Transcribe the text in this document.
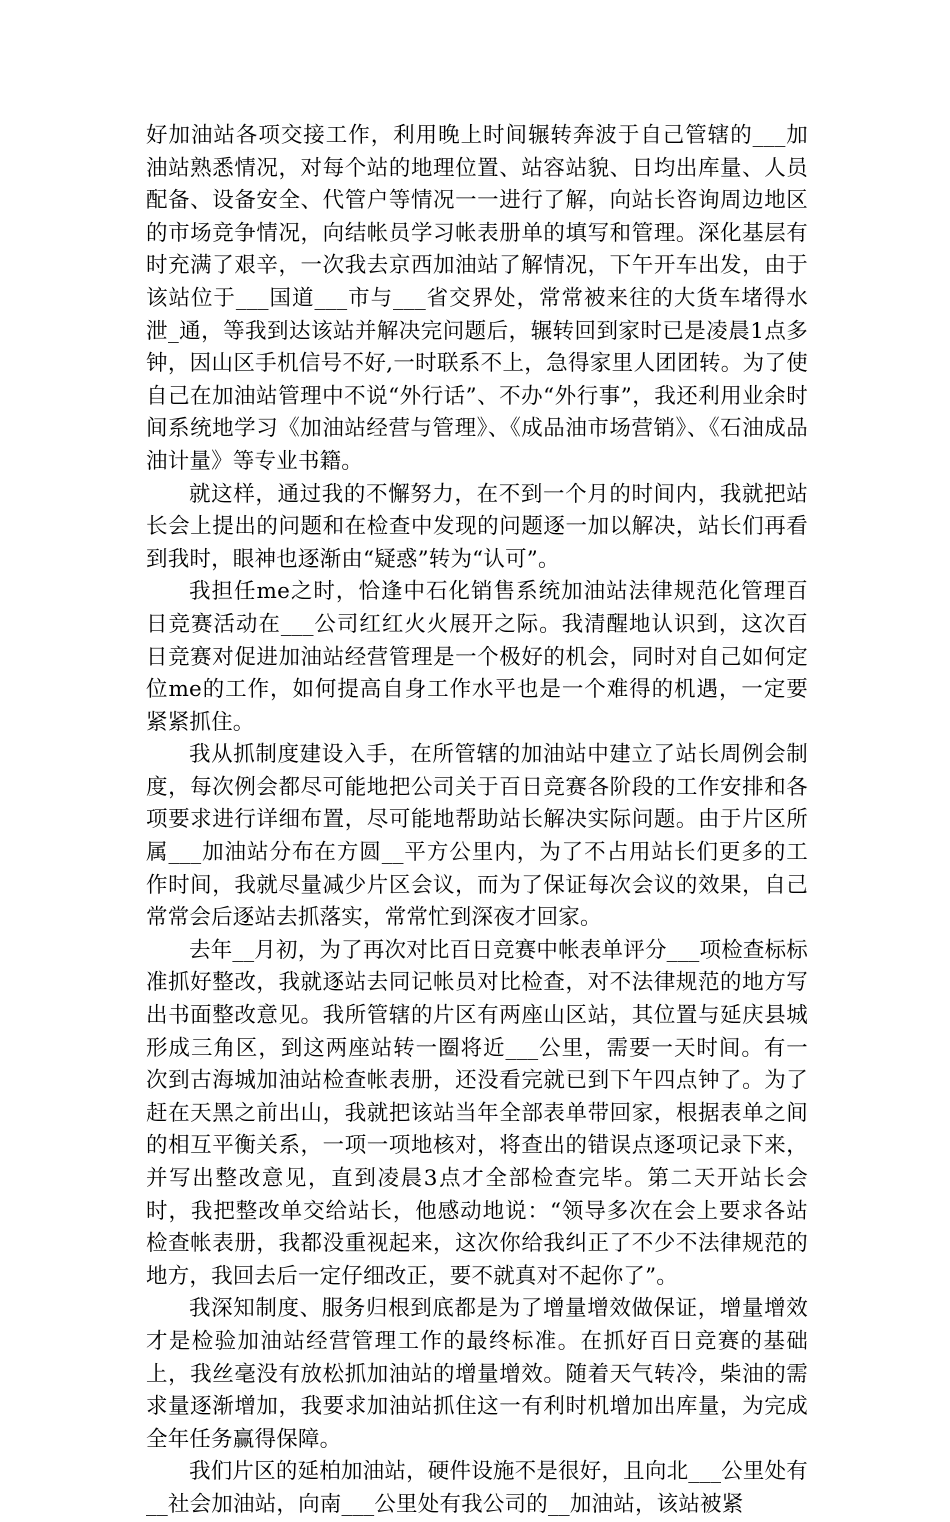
好加油站各项交接工作，利用晚上时间辗转奔波于自己管辖的___加油站熟悉情况，对每个站的地理位置、站容站貌、日均出库量、人员配备、设备安全、代管户等情况一一进行了解，向站长咨询周边地区的市场竞争情况，向结帐员学习帐表册单的填写和管理。深化基层有时充满了艰辛，一次我去京西加油站了解情况，下午开车出发，由于该站位于___国道___市与___省交界处，常常被来往的大货车堵得水泄_通，等我到达该站并解决完问题后，辗转回到家时已是凌晨1点多钟，因山区手机信号不好,一时联系不上，急得家里人团团转。为了使自己在加油站管理中不说“外行话”、不办“外行事”，我还利用业余时间系统地学习《加油站经营与管理》、《成品油市场营销》、《石油成品油计量》等专业书籍。

就这样，通过我的不懈努力，在不到一个月的时间内，我就把站长会上提出的问题和在检查中发现的问题逐一加以解决，站长们再看到我时，眼神也逐渐由“疑惑”转为“认可”。

我担任me之时，恰逢中石化销售系统加油站法律规范化管理百日竞赛活动在___公司红红火火展开之际。我清醒地认识到，这次百日竞赛对促进加油站经营管理是一个极好的机会，同时对自己如何定位me的工作，如何提高自身工作水平也是一个难得的机遇，一定要紧紧抓住。

我从抓制度建设入手，在所管辖的加油站中建立了站长周例会制度，每次例会都尽可能地把公司关于百日竞赛各阶段的工作安排和各项要求进行详细布置，尽可能地帮助站长解决实际问题。由于片区所属___加油站分布在方圆__平方公里内，为了不占用站长们更多的工作时间，我就尽量减少片区会议，而为了保证每次会议的效果，自己常常会后逐站去抓落实，常常忙到深夜才回家。

去年__月初，为了再次对比百日竞赛中帐表单评分___项检查标标准抓好整改，我就逐站去同记帐员对比检查，对不法律规范的地方写出书面整改意见。我所管辖的片区有两座山区站，其位置与延庆县城形成三角区，到这两座站转一圈将近___公里，需要一天时间。有一次到古海城加油站检查帐表册，还没看完就已到下午四点钟了。为了赶在天黑之前出山，我就把该站当年全部表单带回家，根据表单之间的相互平衡关系，一项一项地核对，将查出的错误点逐项记录下来，并写出整改意见，直到凌晨3点才全部检查完毕。第二天开站长会时，我把整改单交给站长，他感动地说：“领导多次在会上要求各站检查帐表册，我都没重视起来，这次你给我纠正了不少不法律规范的地方，我回去后一定仔细改正，要不就真对不起你了”。

我深知制度、服务归根到底都是为了增量增效做保证，增量增效才是检验加油站经营管理工作的最终标准。在抓好百日竞赛的基础上，我丝毫没有放松抓加油站的增量增效。随着天气转冷，柴油的需求量逐渐增加，我要求加油站抓住这一有利时机增加出库量，为完成全年任务赢得保障。

我们片区的延柏加油站，硬件设施不是很好，且向北___公里处有__社会加油站，向南___公里处有我公司的__加油站，该站被紧
